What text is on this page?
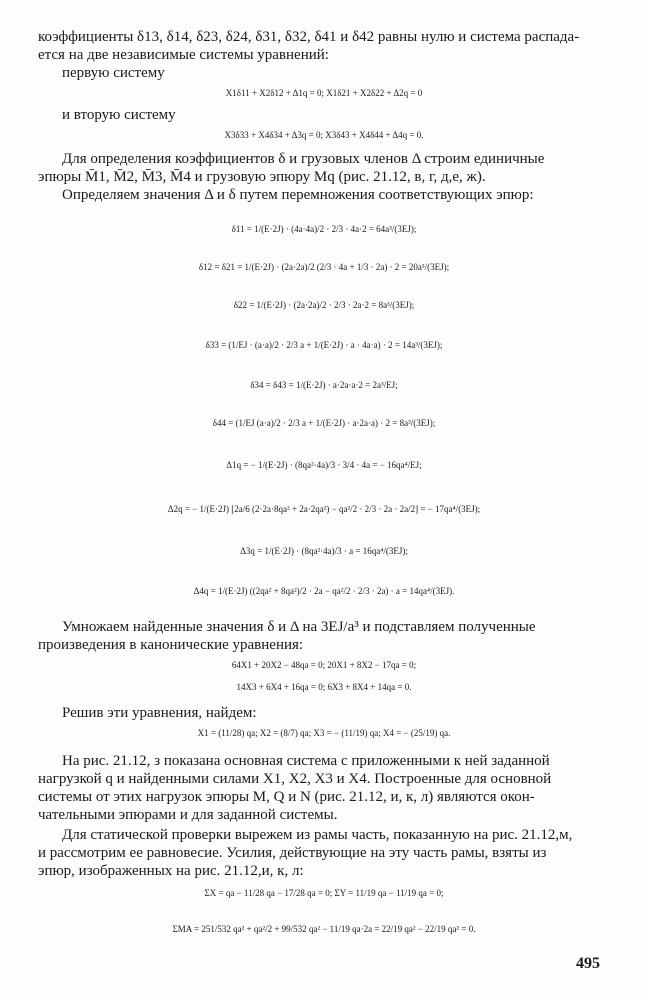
коэффициенты δ13, δ14, δ23, δ24, δ31, δ32, δ41 и δ42 равны нулю и система распада-
ется на две независимые системы уравнений:
первую систему
X1δ11 + X2δ12 + Δ1q = 0; X1δ21 + X2δ22 + Δ2q = 0
и вторую систему
X3δ33 + X4δ34 + Δ3q = 0; X3δ43 + X4δ44 + Δ4q = 0.
Для определения коэффициентов δ и грузовых членов Δ строим единичные
эпюры M̄1, M̄2, M̄3, M̄4 и грузовую эпюру Mq (рис. 21.12, в, г, д,е, ж).
Определяем значения Δ и δ путем перемножения соответствующих эпюр:
δ11 = 1/(E·2J) · (4a·4a)/2 · 2/3 · 4a·2 = 64a³/(3EJ);
δ12 = δ21 = 1/(E·2J) · (2a·2a)/2 (2/3 · 4a + 1/3 · 2a) · 2 = 20a³/(3EJ);
δ22 = 1/(E·2J) · (2a·2a)/2 · 2/3 · 2a·2 = 8a³/(3EJ);
δ33 = (1/EJ · (a·a)/2 · 2/3 a + 1/(E·2J) · a · 4a·a) · 2 = 14a³/(3EJ);
δ34 = δ43 = 1/(E·2J) · a·2a·a·2 = 2a³/EJ;
δ44 = (1/EJ (a·a)/2 · 2/3 a + 1/(E·2J) · a·2a·a) · 2 = 8a³/(3EJ);
Δ1q = − 1/(E·2J) · (8qa²·4a)/3 · 3/4 · 4a = − 16qa⁴/EJ;
Δ2q = − 1/(E·2J) [2a/6 (2·2a·8qa² + 2a·2qa²) − qa²/2 · 2/3 · 2a · 2a/2] = − 17qa⁴/(3EJ);
Δ3q = 1/(E·2J) · (8qa²·4a)/3 · a = 16qa⁴/(3EJ);
Δ4q = 1/(E·2J) ((2qa² + 8qa²)/2 · 2a − qa²/2 · 2/3 · 2a) · a = 14qa⁴/(3EJ).
Умножаем найденные значения δ и Δ на 3EJ/a³ и подставляем полученные
произведения в канонические уравнения:
64X1 + 20X2 − 48qa = 0; 20X1 + 8X2 − 17qa = 0;
14X3 + 6X4 + 16qa = 0; 6X3 + 8X4 + 14qa = 0.
Решив эти уравнения, найдем:
X1 = (11/28) qa; X2 = (8/7) qa; X3 = − (11/19) qa; X4 = − (25/19) qa.
На рис. 21.12, з показана основная система с приложенными к ней заданной
нагрузкой q и найденными силами X1, X2, X3 и X4. Построенные для основной
системы от этих нагрузок эпюры M, Q и N (рис. 21.12, и, к, л) являются окон-
чательными эпюрами и для заданной системы.
Для статической проверки вырежем из рамы часть, показанную на рис. 21.12,м,
и рассмотрим ее равновесие. Усилия, действующие на эту часть рамы, взяты из
эпюр, изображенных на рис. 21.12,и, к, л:
ΣX = qa − 11/28 qa − 17/28 qa = 0; ΣY = 11/19 qa − 11/19 qa = 0;
ΣMA = 251/532 qa² + qa²/2 + 99/532 qa² − 11/19 qa·2a = 22/19 qa² − 22/19 qa² = 0.
495
